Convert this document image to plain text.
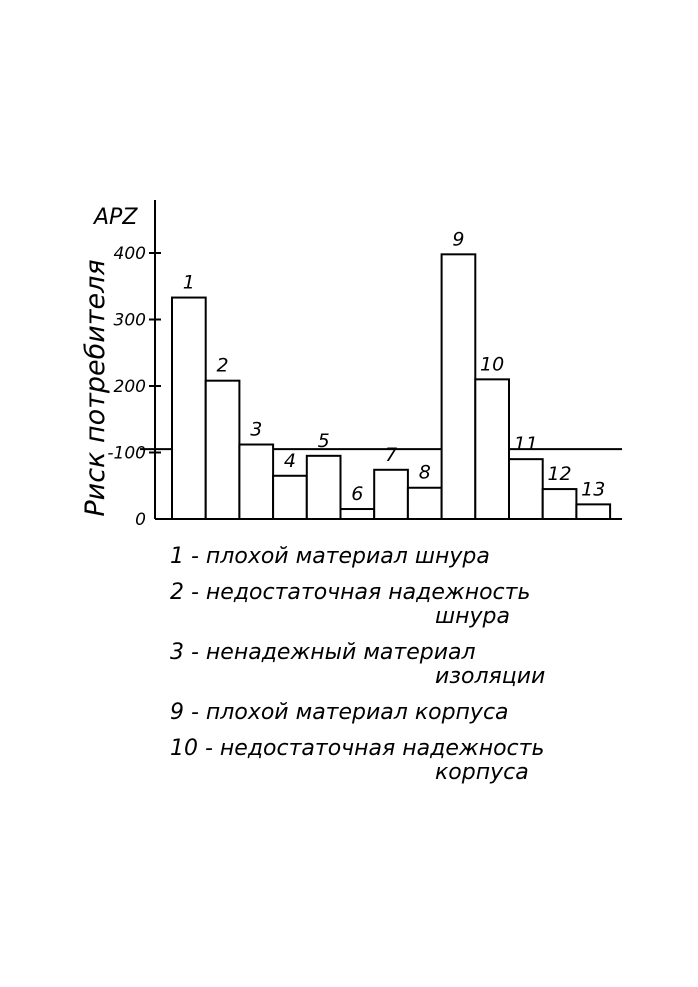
0
-100
200
300
400
1
2
3
4
5
6
7
8
9
10
11
12
13
АРZ
Риск потребителя
1 - плохой материал шнура
2 - недостаточная надежность
шнура
3 - ненадежный материал
изоляции
9 - плохой материал корпуса
10 - недостаточная надежность
корпуса
